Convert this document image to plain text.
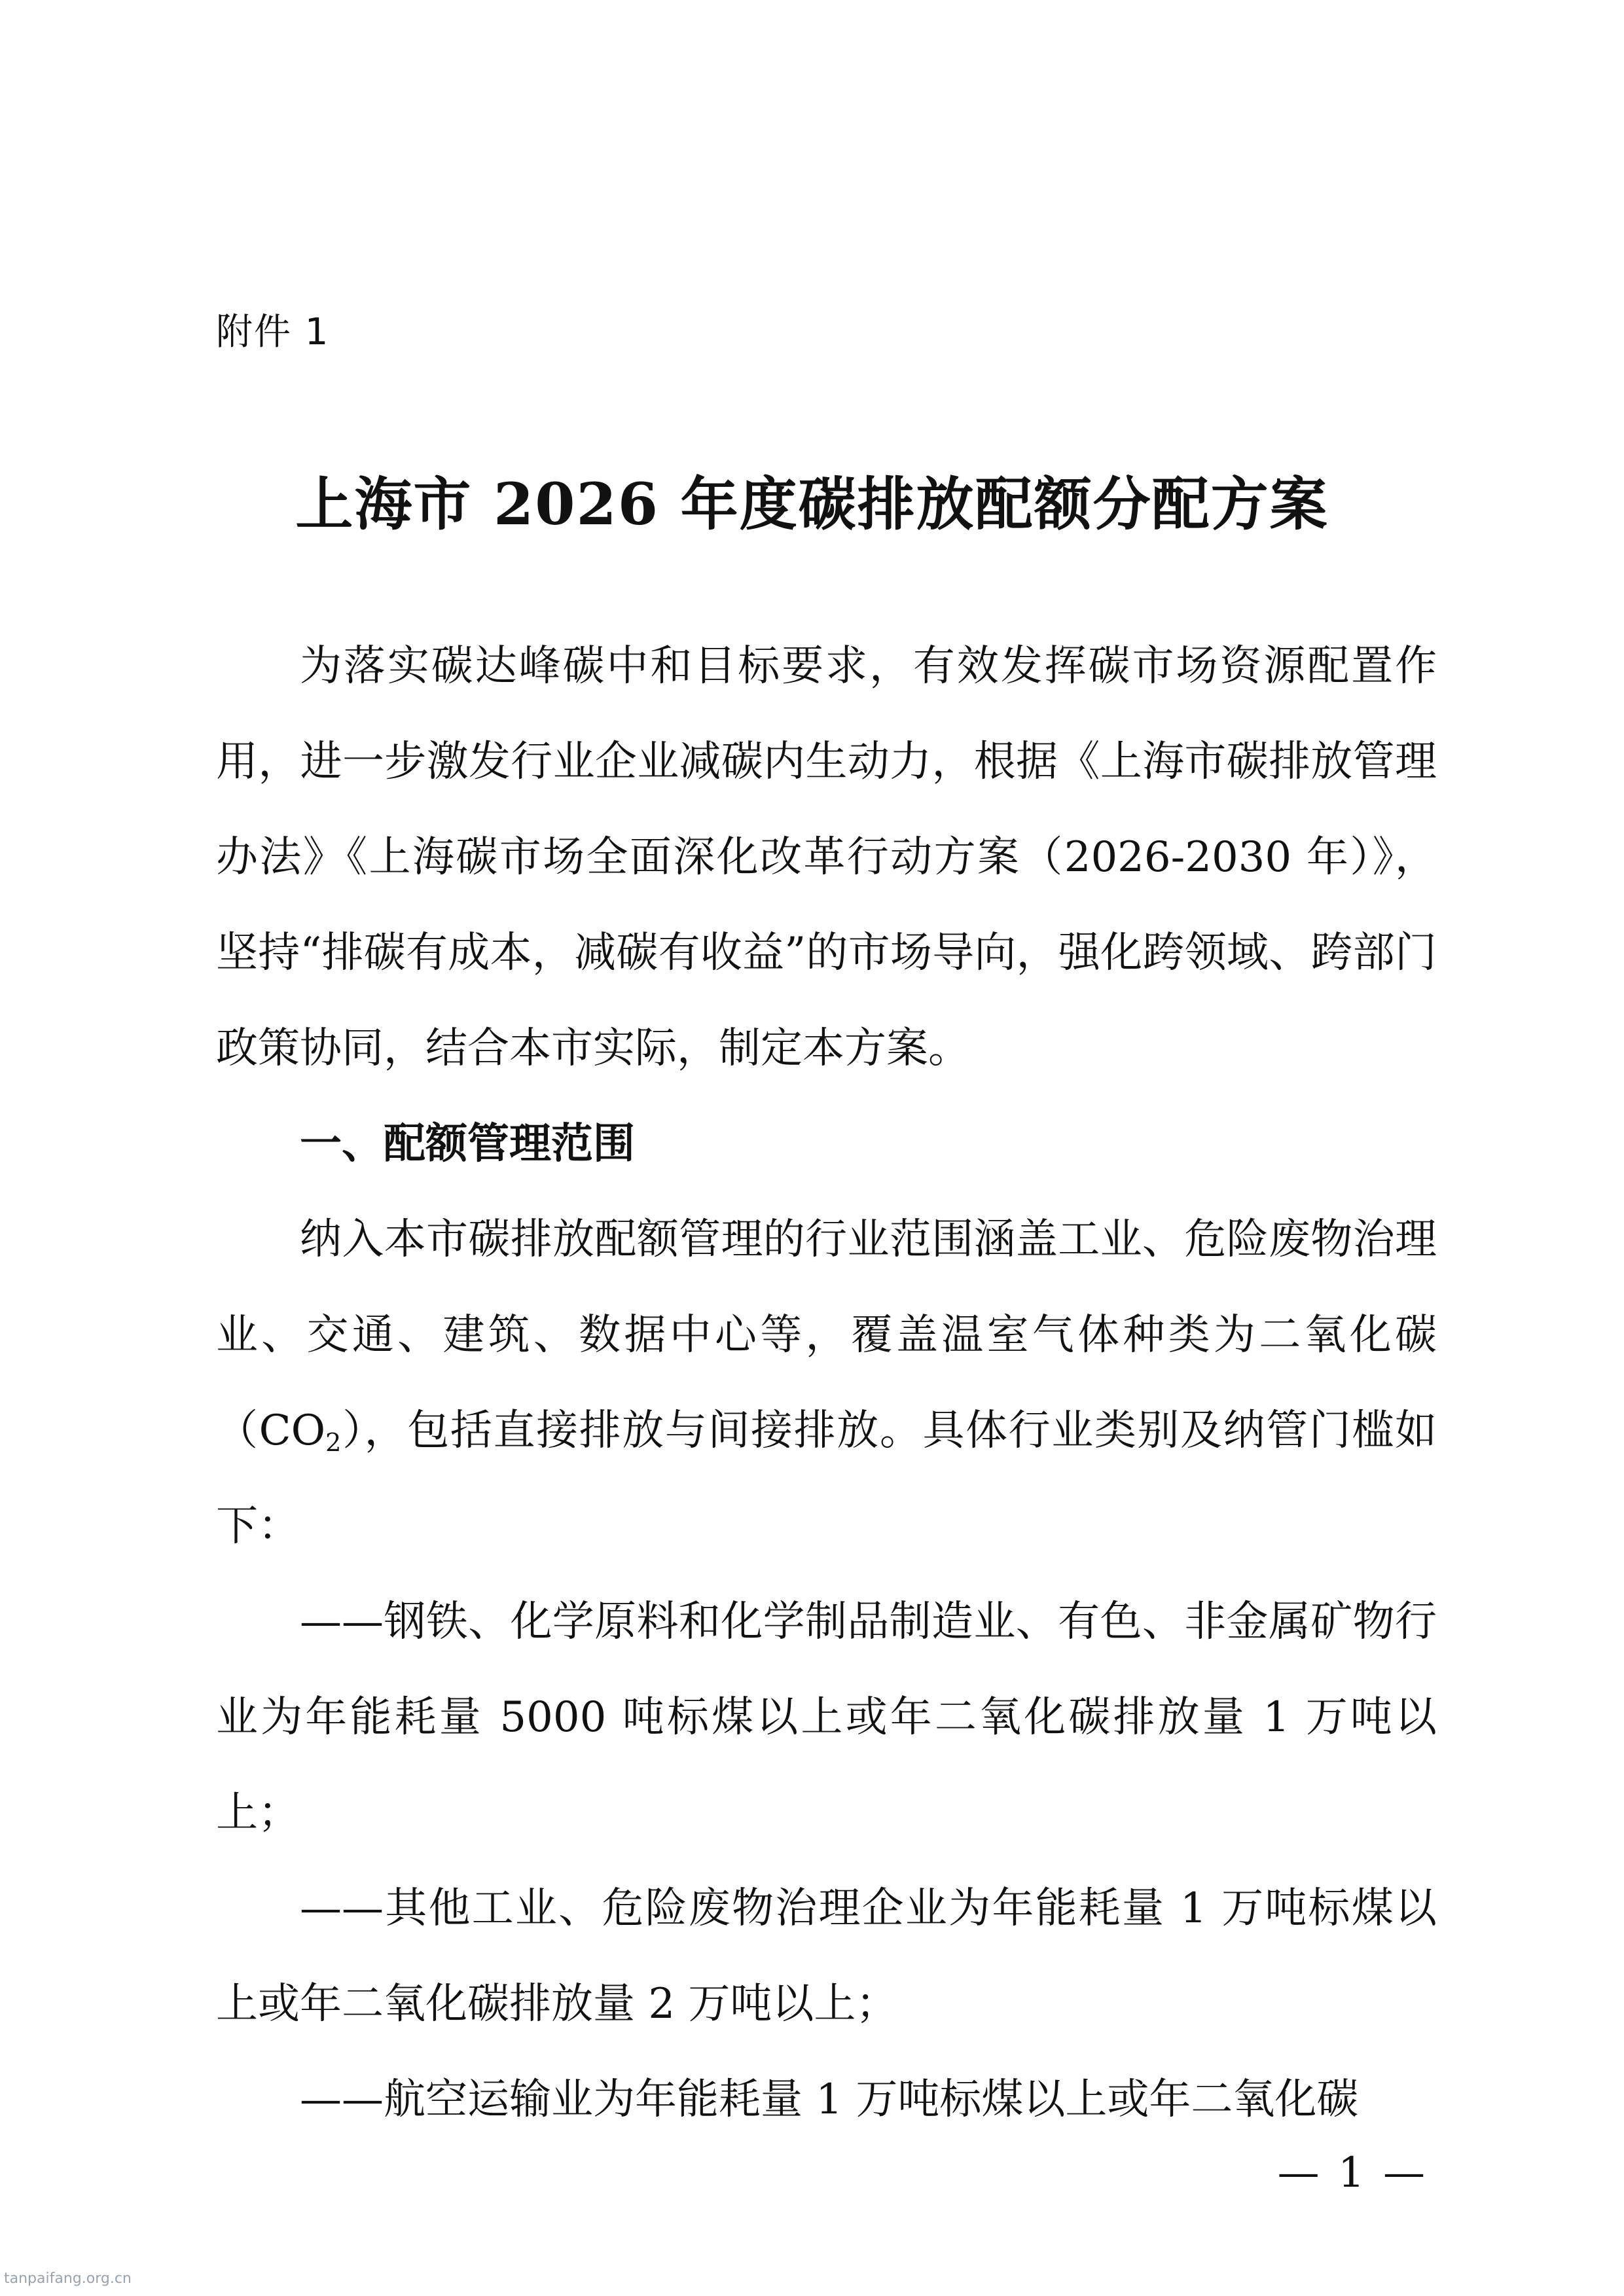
附件 1
上海市 2026 年度碳排放配额分配方案

为落实碳达峰碳中和目标要求，有效发挥碳市场资源配置作用，进一步激发行业企业减碳内生动力，根据《上海市碳排放管理办法》《上海碳市场全面深化改革行动方案（2026-2030 年）》，坚持“排碳有成本，减碳有收益”的市场导向，强化跨领域、跨部门政策协同，结合本市实际，制定本方案。

一、配额管理范围

纳入本市碳排放配额管理的行业范围涵盖工业、危险废物治理业、交通、建筑、数据中心等，覆盖温室气体种类为二氧化碳$(CO_2)$，包括直接排放与间接排放。具体行业类别及纳管门槛如下：

——钢铁、化学原料和化学制品制造业、有色、非金属矿物行业为年能耗量 5000 吨标煤以上或年二氧化碳排放量 1 万吨以上；

——其他工业、危险废物治理企业为年能耗量 1 万吨标煤以上或年二氧化碳排放量 2 万吨以上；

——航空运输业为年能耗量 1 万吨标煤以上或年二氧化碳

— 1 —
tanpaifang.org.cn
